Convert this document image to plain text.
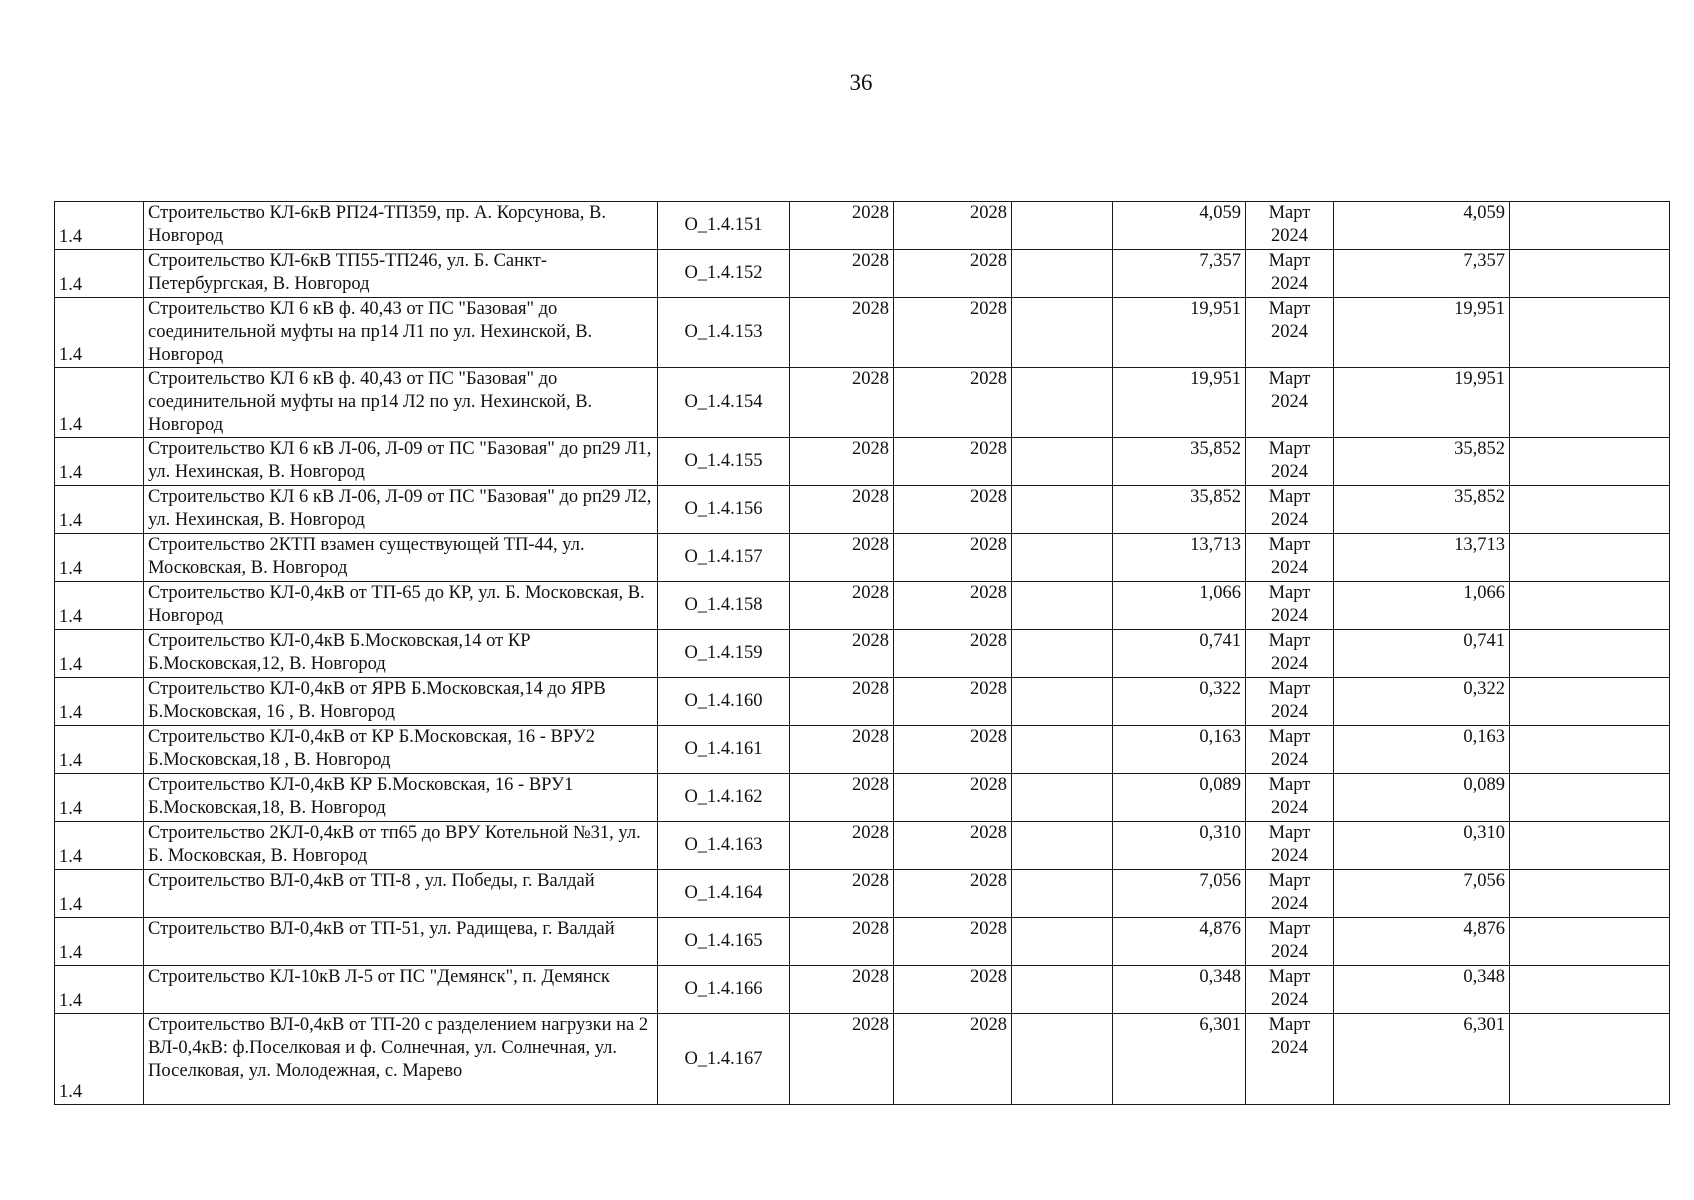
36
1.4	Строительство КЛ-6кВ РП24-ТП359, пр. А. Корсунова, В. Новгород	О_1.4.151	2028	2028		4,059	Март 2024	4,059	
1.4	Строительство КЛ-6кВ ТП55-ТП246, ул. Б. Санкт-Петербургская, В. Новгород	О_1.4.152	2028	2028		7,357	Март 2024	7,357	
1.4	Строительство КЛ 6 кВ ф. 40,43 от ПС "Базовая" до соединительной муфты на пр14 Л1 по ул. Нехинской, В. Новгород	О_1.4.153	2028	2028		19,951	Март 2024	19,951	
1.4	Строительство КЛ 6 кВ ф. 40,43 от ПС "Базовая" до соединительной муфты на пр14 Л2 по ул. Нехинской, В. Новгород	О_1.4.154	2028	2028		19,951	Март 2024	19,951	
1.4	Строительство КЛ 6 кВ Л-06, Л-09 от ПС "Базовая" до рп29 Л1, ул. Нехинская, В. Новгород	О_1.4.155	2028	2028		35,852	Март 2024	35,852	
1.4	Строительство КЛ 6 кВ Л-06, Л-09 от ПС "Базовая" до рп29 Л2, ул. Нехинская, В. Новгород	О_1.4.156	2028	2028		35,852	Март 2024	35,852	
1.4	Строительство 2КТП взамен существующей ТП-44, ул. Московская, В. Новгород	О_1.4.157	2028	2028		13,713	Март 2024	13,713	
1.4	Строительство КЛ-0,4кВ от ТП-65 до КР, ул. Б. Московская, В. Новгород	О_1.4.158	2028	2028		1,066	Март 2024	1,066	
1.4	Строительство КЛ-0,4кВ Б.Московская,14 от КР Б.Московская,12, В. Новгород	О_1.4.159	2028	2028		0,741	Март 2024	0,741	
1.4	Строительство КЛ-0,4кВ от ЯРВ Б.Московская,14 до ЯРВ Б.Московская, 16 , В. Новгород	О_1.4.160	2028	2028		0,322	Март 2024	0,322	
1.4	Строительство КЛ-0,4кВ от КР Б.Московская, 16 - ВРУ2 Б.Московская,18 , В. Новгород	О_1.4.161	2028	2028		0,163	Март 2024	0,163	
1.4	Строительство КЛ-0,4кВ КР Б.Московская, 16 - ВРУ1 Б.Московская,18, В. Новгород	О_1.4.162	2028	2028		0,089	Март 2024	0,089	
1.4	Строительство 2КЛ-0,4кВ от тп65 до ВРУ Котельной №31, ул. Б. Московская, В. Новгород	О_1.4.163	2028	2028		0,310	Март 2024	0,310	
1.4	Строительство ВЛ-0,4кВ от ТП-8 , ул. Победы, г. Валдай	О_1.4.164	2028	2028		7,056	Март 2024	7,056	
1.4	Строительство ВЛ-0,4кВ от ТП-51, ул. Радищева, г. Валдай	О_1.4.165	2028	2028		4,876	Март 2024	4,876	
1.4	Строительство КЛ-10кВ Л-5 от ПС "Демянск", п. Демянск	О_1.4.166	2028	2028		0,348	Март 2024	0,348	
1.4	Строительство ВЛ-0,4кВ от ТП-20 с разделением нагрузки на 2 ВЛ-0,4кВ: ф.Поселковая и ф. Солнечная, ул. Солнечная, ул. Поселковая, ул. Молодежная, с. Марево	О_1.4.167	2028	2028		6,301	Март 2024	6,301	
